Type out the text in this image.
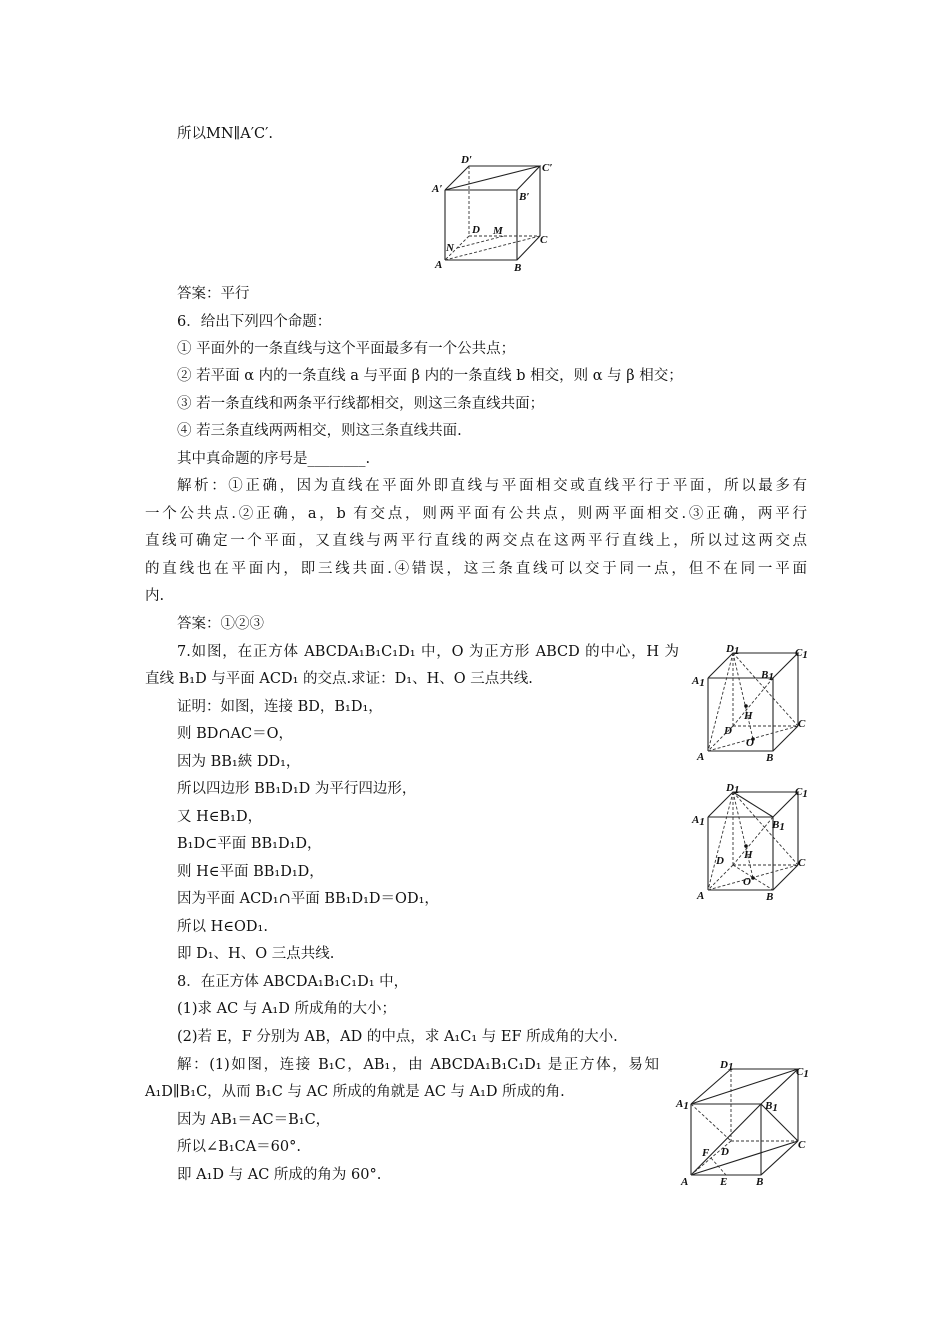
所以MN∥A′C′.
D′
C′
A′
B′
D M
N
C
A	B
答案：平行
6．给出下列四个命题：
① 平面外的一条直线与这个平面最多有一个公共点；
② 若平面 α 内的一条直线 a 与平面 β 内的一条直线 b 相交，则 α 与 β 相交；
③ 若一条直线和两条平行线都相交，则这三条直线共面；
④ 若三条直线两两相交，则这三条直线共面.
其中真命题的序号是________.
解析：①正确，因为直线在平面外即直线与平面相交或直线平行于平面，所以最多有
一个公共点.②正确，a，b 有交点，则两平面有公共点，则两平面相交.③正确，两平行
直线可确定一个平面，又直线与两平行直线的两交点在这两平行直线上，所以过这两交点
的直线也在平面内，即三线共面.④错误，这三条直线可以交于同一点，但不在同一平面
内.
答案：①②③
7.如图，在正方体 ABCDA₁B₁C₁D₁ 中，O 为正方形 ABCD 的中心，H 为
直线 B₁D 与平面 ACD₁ 的交点.求证：D₁、H、O 三点共线.
证明：如图，连接 BD，B₁D₁，
则 BD∩AC＝O，
因为 BB₁綊 DD₁，
所以四边形 BB₁D₁D 为平行四边形，
又 H∈B₁D，
B₁D⊂平面 BB₁D₁D，
则 H∈平面 BB₁D₁D，
因为平面 ACD₁∩平面 BB₁D₁D＝OD₁，
所以 H∈OD₁.
即 D₁、H、O 三点共线.
8．在正方体 ABCDA₁B₁C₁D₁ 中，
(1)求 AC 与 A₁D 所成角的大小；
(2)若 E，F 分别为 AB，AD 的中点，求 A₁C₁ 与 EF 所成角的大小.
解：(1)如图，连接 B₁C，AB₁，由 ABCDA₁B₁C₁D₁ 是正方体，易知
A₁D∥B₁C，从而 B₁C 与 AC 所成的角就是 AC 与 A₁D 所成的角.
因为 AB₁＝AC＝B₁C，
所以∠B₁CA＝60°.
即 A₁D 与 AC 所成的角为 60°.
D1	C1
B1
A1
H
C
D
O
A	B
D1	C1
A1	B1
H
D	C
O
A	B
D1	C1
A1	B1
F D
C
A	E	B
